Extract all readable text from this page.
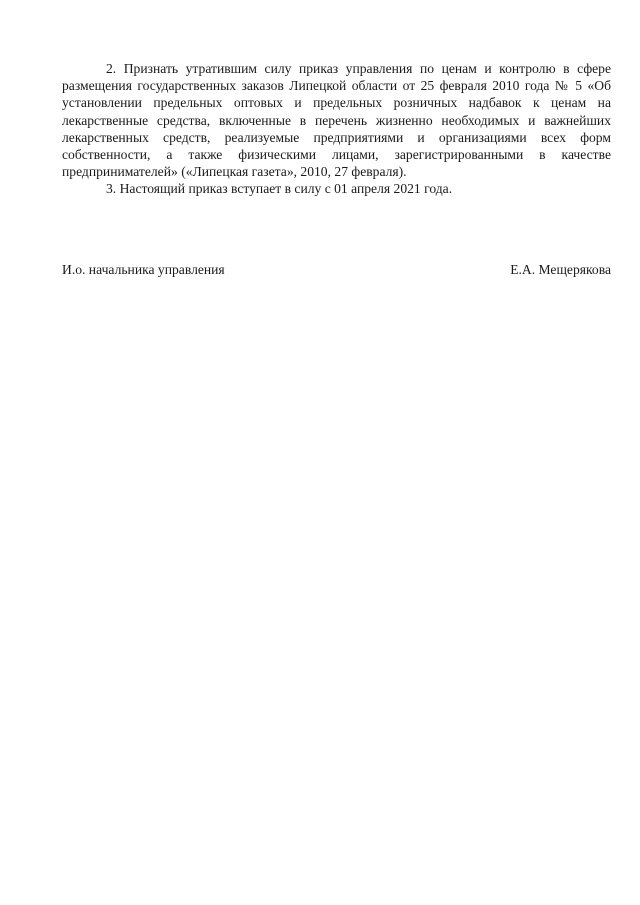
2. Признать утратившим силу приказ управления по ценам и контролю в сфере размещения государственных заказов Липецкой области от 25 февраля 2010 года № 5 «Об установлении предельных оптовых и предельных розничных надбавок к ценам на лекарственные средства, включенные в перечень жизненно необходимых и важнейших лекарственных средств, реализуемые предприятиями и организациями всех форм собственности, а также физическими лицами, зарегистрированными в качестве предпринимателей» («Липецкая газета», 2010, 27 февраля).

3. Настоящий приказ вступает в силу с 01 апреля 2021 года.

И.о. начальника управления	Е.А. Мещерякова
